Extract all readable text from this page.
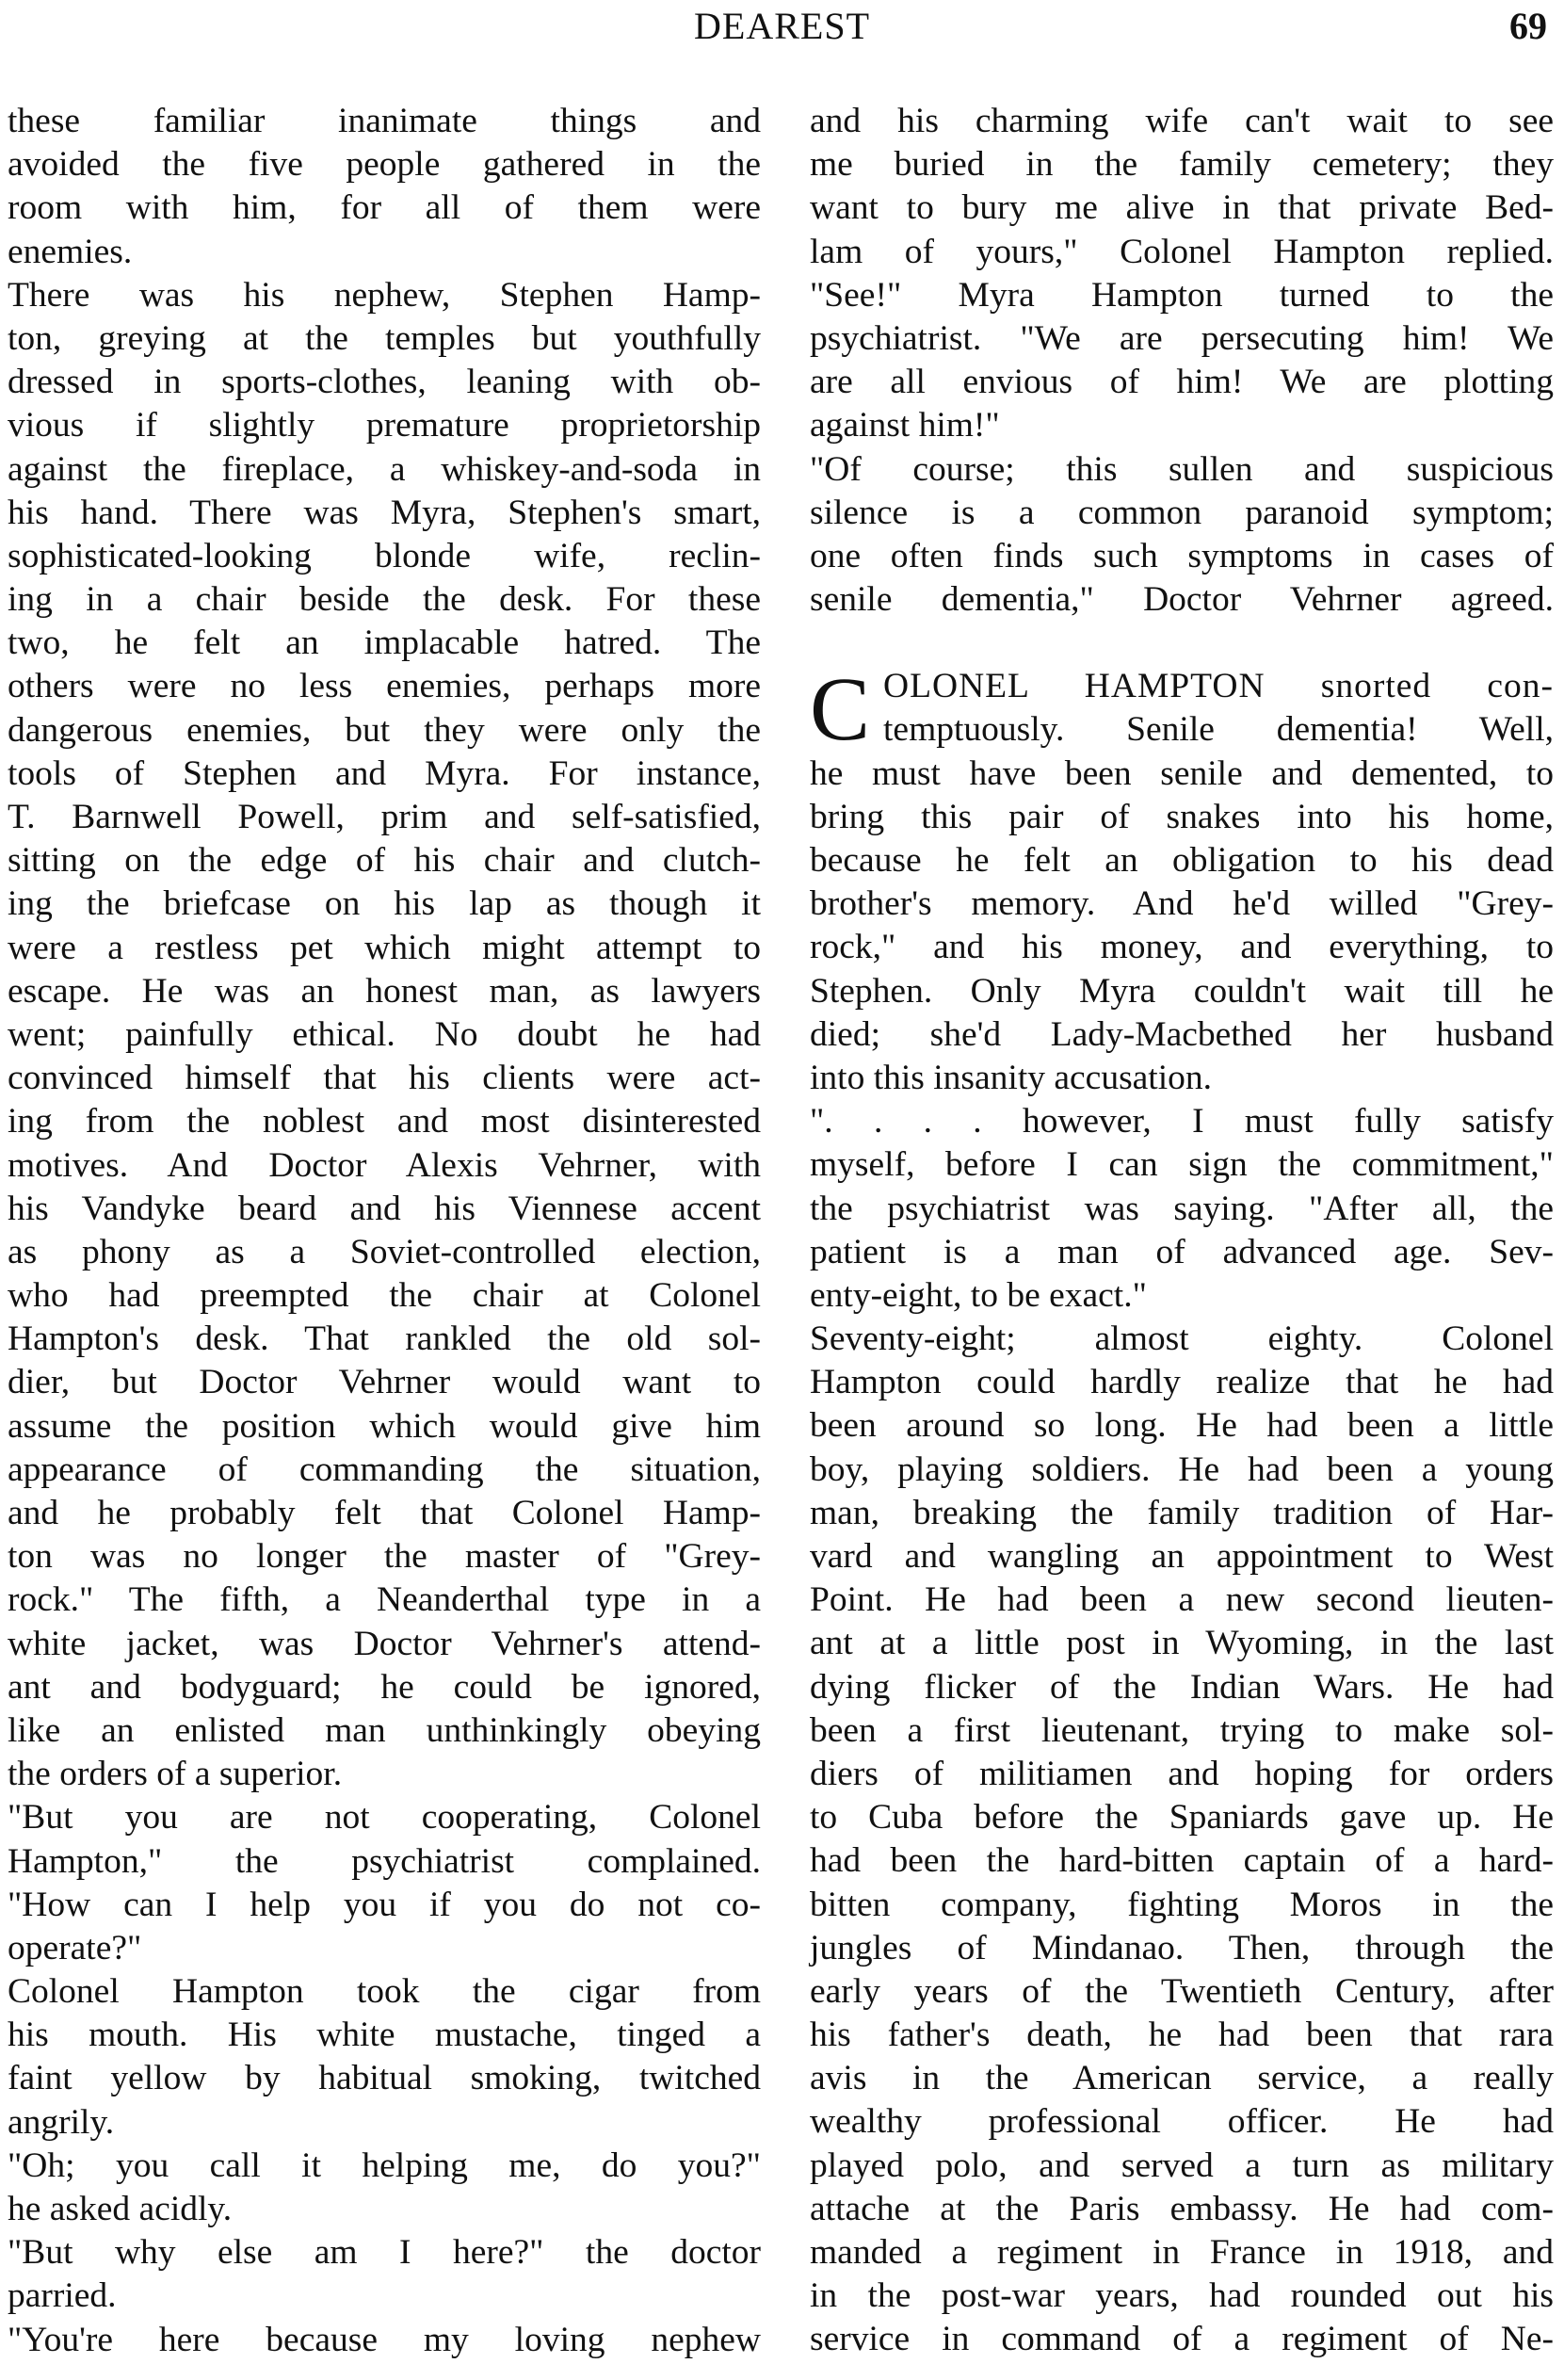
DEAREST	69
these familiar inanimate things and
avoided the five people gathered in the
room with him, for all of them were
enemies.
There was his nephew, Stephen Hamp-
ton, greying at the temples but youthfully
dressed in sports-clothes, leaning with ob-
vious if slightly premature proprietorship
against the fireplace, a whiskey-and-soda in
his hand. There was Myra, Stephen's smart,
sophisticated-looking blonde wife, reclin-
ing in a chair beside the desk. For these
two, he felt an implacable hatred. The
others were no less enemies, perhaps more
dangerous enemies, but they were only the
tools of Stephen and Myra. For instance,
T. Barnwell Powell, prim and self-satisfied,
sitting on the edge of his chair and clutch-
ing the briefcase on his lap as though it
were a restless pet which might attempt to
escape. He was an honest man, as lawyers
went; painfully ethical. No doubt he had
convinced himself that his clients were act-
ing from the noblest and most disinterested
motives. And Doctor Alexis Vehrner, with
his Vandyke beard and his Viennese accent
as phony as a Soviet-controlled election,
who had preempted the chair at Colonel
Hampton's desk. That rankled the old sol-
dier, but Doctor Vehrner would want to
assume the position which would give him
appearance of commanding the situation,
and he probably felt that Colonel Hamp-
ton was no longer the master of "Grey-
rock." The fifth, a Neanderthal type in a
white jacket, was Doctor Vehrner's attend-
ant and bodyguard; he could be ignored,
like an enlisted man unthinkingly obeying
the orders of a superior.
"But you are not cooperating, Colonel
Hampton," the psychiatrist complained.
"How can I help you if you do not co-
operate?"
Colonel Hampton took the cigar from
his mouth. His white mustache, tinged a
faint yellow by habitual smoking, twitched
angrily.
"Oh; you call it helping me, do you?"
he asked acidly.
"But why else am I here?" the doctor
parried.
"You're here because my loving nephew
and his charming wife can't wait to see
me buried in the family cemetery; they
want to bury me alive in that private Bed-
lam of yours," Colonel Hampton replied.
"See!" Myra Hampton turned to the
psychiatrist. "We are persecuting him! We
are all envious of him! We are plotting
against him!"
"Of course; this sullen and suspicious
silence is a common paranoid symptom;
one often finds such symptoms in cases of
senile dementia," Doctor Vehrner agreed.
C OLONEL HAMPTON snorted con-
temptuously. Senile dementia! Well,
he must have been senile and demented, to
bring this pair of snakes into his home,
because he felt an obligation to his dead
brother's memory. And he'd willed "Grey-
rock," and his money, and everything, to
Stephen. Only Myra couldn't wait till he
died; she'd Lady-Macbethed her husband
into this insanity accusation.
". . . . however, I must fully satisfy
myself, before I can sign the commitment,"
the psychiatrist was saying. "After all, the
patient is a man of advanced age. Sev-
enty-eight, to be exact."
Seventy-eight; almost eighty. Colonel
Hampton could hardly realize that he had
been around so long. He had been a little
boy, playing soldiers. He had been a young
man, breaking the family tradition of Har-
vard and wangling an appointment to West
Point. He had been a new second lieuten-
ant at a little post in Wyoming, in the last
dying flicker of the Indian Wars. He had
been a first lieutenant, trying to make sol-
diers of militiamen and hoping for orders
to Cuba before the Spaniards gave up. He
had been the hard-bitten captain of a hard-
bitten company, fighting Moros in the
jungles of Mindanao. Then, through the
early years of the Twentieth Century, after
his father's death, he had been that rara
avis in the American service, a really
wealthy professional officer. He had
played polo, and served a turn as military
attache at the Paris embassy. He had com-
manded a regiment in France in 1918, and
in the post-war years, had rounded out his
service in command of a regiment of Ne-
